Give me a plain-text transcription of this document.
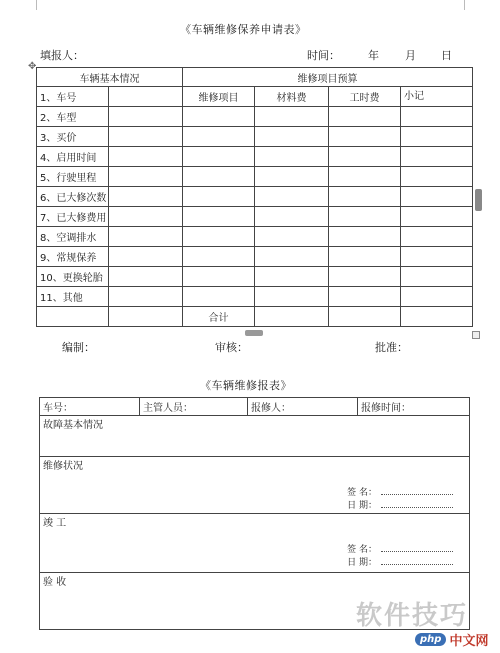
《车辆维修保养申请表》
填报人：	时间：	年 月 日
✥
车辆基本情况		维修项目预算			
1、车号		维修项目	材料费	工时费	小记
2、车型					
3、买价					
4、启用时间					
5、行驶里程					
6、已大修次数					
7、已大修费用					
8、空调排水					
9、常规保养					
10、更换轮胎					
11、其他					
		合计			
编制：	审核：	批准：
《车辆维修报表》
车号：	主管人员：	报修人：	报修时间：
故障基本情况
维修状况
签 名：
日 期：

竣 工
签 名：
日 期：

验 收
软件技巧
php 中文网
